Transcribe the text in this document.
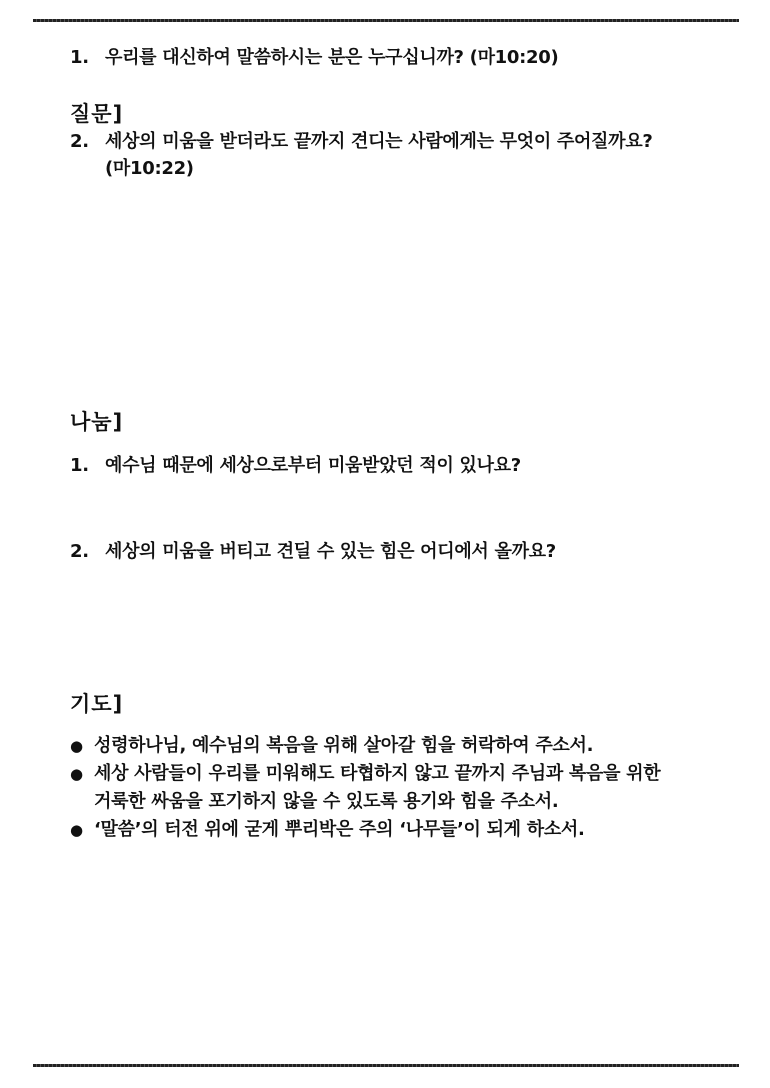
질문]
1. 우리를 대신하여 말씀하시는 분은 누구십니까? (마10:20)
2. 세상의 미움을 받더라도 끝까지 견디는 사람에게는 무엇이 주어질까요? (마10:22)
나눔]
1. 예수님 때문에 세상으로부터 미움받았던 적이 있나요?
2. 세상의 미움을 버티고 견딜 수 있는 힘은 어디에서 올까요?
기도]
● 성령하나님, 예수님의 복음을 위해 살아갈 힘을 허락하여 주소서.
● 세상 사람들이 우리를 미워해도 타협하지 않고 끝까지 주님과 복음을 위한 거룩한 싸움을 포기하지 않을 수 있도록 용기와 힘을 주소서.
● ‘말씀’의 터전 위에 굳게 뿌리박은 주의 ‘나무들’이 되게 하소서.
